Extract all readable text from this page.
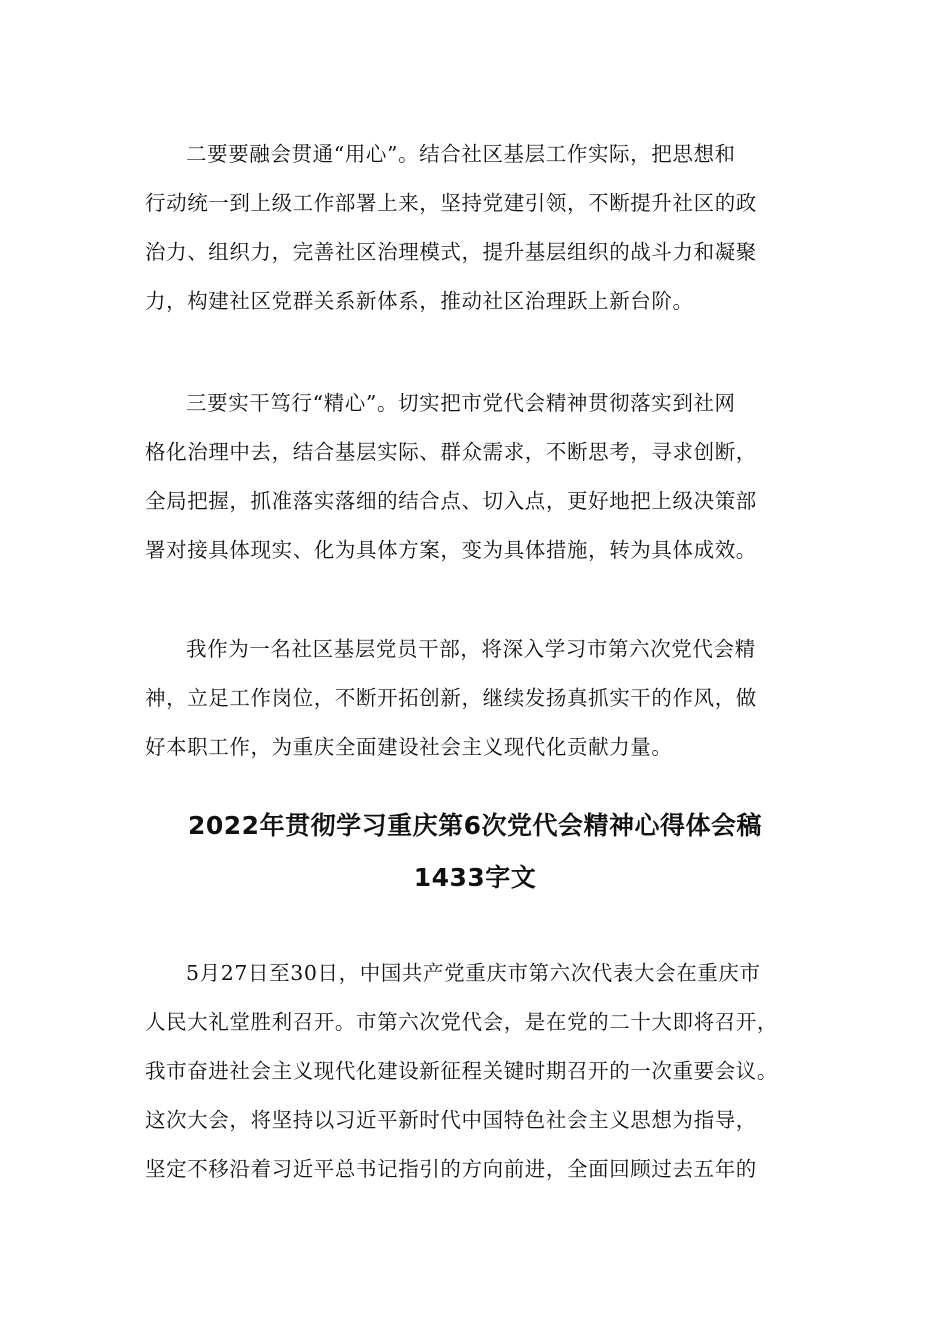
二要要融会贯通“用心”。结合社区基层工作实际，把思想和
行动统一到上级工作部署上来，坚持党建引领，不断提升社区的政
治力、组织力，完善社区治理模式，提升基层组织的战斗力和凝聚
力，构建社区党群关系新体系，推动社区治理跃上新台阶。
三要实干笃行“精心”。切实把市党代会精神贯彻落实到社网
格化治理中去，结合基层实际、群众需求，不断思考，寻求创断，
全局把握，抓准落实落细的结合点、切入点，更好地把上级决策部
署对接具体现实、化为具体方案，变为具体措施，转为具体成效。
我作为一名社区基层党员干部，将深入学习市第六次党代会精
神，立足工作岗位，不断开拓创新，继续发扬真抓实干的作风，做
好本职工作，为重庆全面建设社会主义现代化贡献力量。
2022年贯彻学习重庆第6次党代会精神心得体会稿
1433字文
5月27日至30日，中国共产党重庆市第六次代表大会在重庆市
人民大礼堂胜利召开。市第六次党代会，是在党的二十大即将召开，
我市奋进社会主义现代化建设新征程关键时期召开的一次重要会议。
这次大会，将坚持以习近平新时代中国特色社会主义思想为指导，
坚定不移沿着习近平总书记指引的方向前进，全面回顾过去五年的
